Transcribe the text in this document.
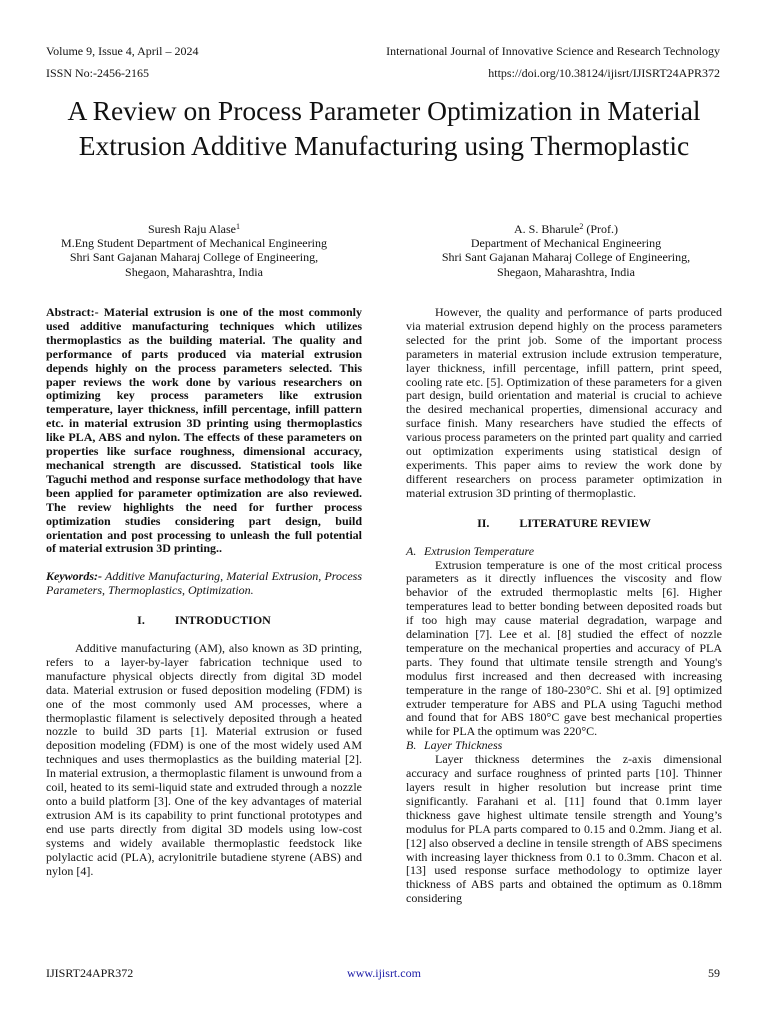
Volume 9, Issue 4, April – 2024	International Journal of Innovative Science and Research Technology
ISSN No:-2456-2165	https://doi.org/10.38124/ijisrt/IJISRT24APR372
A Review on Process Parameter Optimization in Material Extrusion Additive Manufacturing using Thermoplastic
Suresh Raju Alase$^1$
M.Eng Student Department of Mechanical Engineering
Shri Sant Gajanan Maharaj College of Engineering,
Shegaon, Maharashtra, India
A. S. Bharule$^2$ (Prof.)
Department of Mechanical Engineering
Shri Sant Gajanan Maharaj College of Engineering,
Shegaon, Maharashtra, India

Abstract:- Material extrusion is one of the most commonly used additive manufacturing techniques which utilizes thermoplastics as the building material. The quality and performance of parts produced via material extrusion depends highly on the process parameters selected. This paper reviews the work done by various researchers on optimizing key process parameters like extrusion temperature, layer thickness, infill percentage, infill pattern etc. in material extrusion 3D printing using thermoplastics like PLA, ABS and nylon. The effects of these parameters on properties like surface roughness, dimensional accuracy, mechanical strength are discussed. Statistical tools like Taguchi method and response surface methodology that have been applied for parameter optimization are also reviewed. The review highlights the need for further process optimization studies considering part design, build orientation and post processing to unleash the full potential of material extrusion 3D printing..

Keywords:- Additive Manufacturing, Material Extrusion, Process Parameters, Thermoplastics, Optimization.

I.	INTRODUCTION

Additive manufacturing (AM), also known as 3D printing, refers to a layer-by-layer fabrication technique used to manufacture physical objects directly from digital 3D model data. Material extrusion or fused deposition modeling (FDM) is one of the most commonly used AM processes, where a thermoplastic filament is selectively deposited through a heated nozzle to build 3D parts [1]. Material extrusion or fused deposition modeling (FDM) is one of the most widely used AM techniques and uses thermoplastics as the building material [2]. In material extrusion, a thermoplastic filament is unwound from a coil, heated to its semi-liquid state and extruded through a nozzle onto a build platform [3]. One of the key advantages of material extrusion AM is its capability to print functional prototypes and end use parts directly from digital 3D models using low-cost systems and widely available thermoplastic feedstock like polylactic acid (PLA), acrylonitrile butadiene styrene (ABS) and nylon [4].

However, the quality and performance of parts produced via material extrusion depend highly on the process parameters selected for the print job. Some of the important process parameters in material extrusion include extrusion temperature, layer thickness, infill percentage, infill pattern, print speed, cooling rate etc. [5]. Optimization of these parameters for a given part design, build orientation and material is crucial to achieve the desired mechanical properties, dimensional accuracy and surface finish. Many researchers have studied the effects of various process parameters on the printed part quality and carried out optimization experiments using statistical design of experiments. This paper aims to review the work done by different researchers on process parameter optimization in material extrusion 3D printing of thermoplastic.

II.	LITERATURE REVIEW

A. Extrusion Temperature

Extrusion temperature is one of the most critical process parameters as it directly influences the viscosity and flow behavior of the extruded thermoplastic melts [6]. Higher temperatures lead to better bonding between deposited roads but if too high may cause material degradation, warpage and delamination [7]. Lee et al. [8] studied the effect of nozzle temperature on the mechanical properties and accuracy of PLA parts. They found that ultimate tensile strength and Young's modulus first increased and then decreased with increasing temperature in the range of 180-230°C. Shi et al. [9] optimized extruder temperature for ABS and PLA using Taguchi method and found that for ABS 180°C gave best mechanical properties while for PLA the optimum was 220°C.

B. Layer Thickness

Layer thickness determines the z-axis dimensional accuracy and surface roughness of printed parts [10]. Thinner layers result in higher resolution but increase print time significantly. Farahani et al. [11] found that 0.1mm layer thickness gave highest ultimate tensile strength and Young’s modulus for PLA parts compared to 0.15 and 0.2mm. Jiang et al. [12] also observed a decline in tensile strength of ABS specimens with increasing layer thickness from 0.1 to 0.3mm. Chacon et al.[13] used response surface methodology to optimize layer thickness of ABS parts and obtained the optimum as 0.18mm considering

IJISRT24APR372	www.ijisrt.com	59
